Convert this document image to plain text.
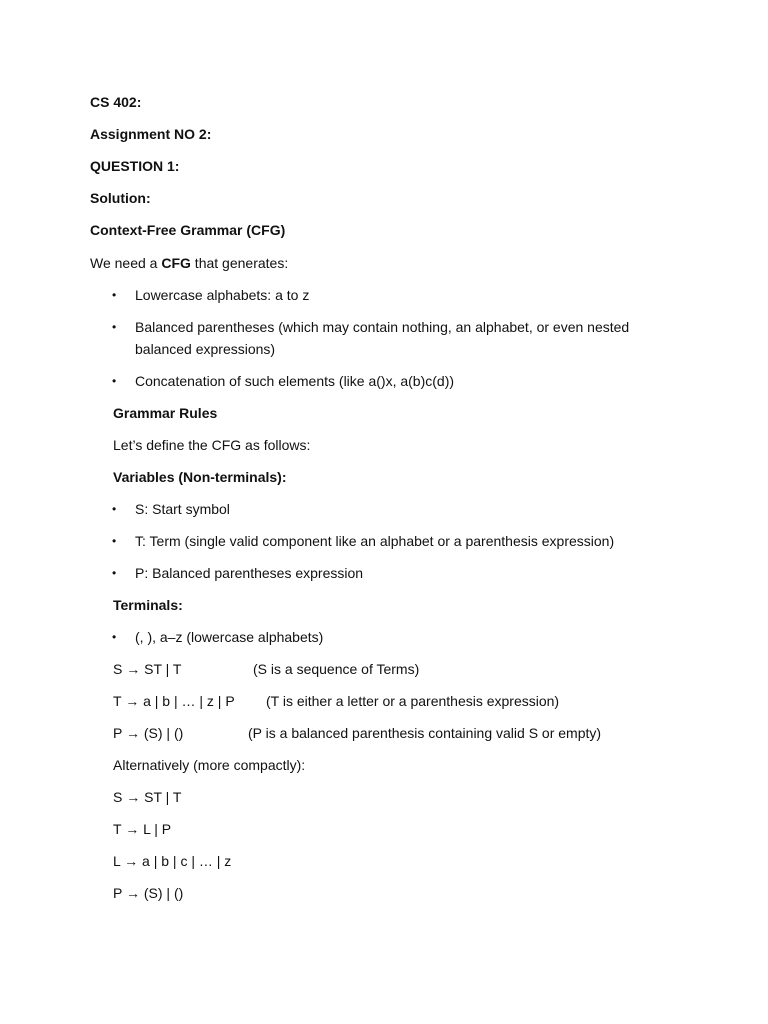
CS 402:
Assignment NO 2:
QUESTION 1:
Solution:
Context-Free Grammar (CFG)
We need a CFG that generates:
• Lowercase alphabets: a to z
• Balanced parentheses (which may contain nothing, an alphabet, or even nested balanced expressions)
• Concatenation of such elements (like a()x, a(b)c(d))
Grammar Rules
Let’s define the CFG as follows:
Variables (Non-terminals):
• S: Start symbol
• T: Term (single valid component like an alphabet or a parenthesis expression)
• P: Balanced parentheses expression
Terminals:
• (, ), a–z (lowercase alphabets)
S → ST | T	(S is a sequence of Terms)
T → a | b | … | z | P (T is either a letter or a parenthesis expression)
P → (S) | ()	(P is a balanced parenthesis containing valid S or empty)
Alternatively (more compactly):
S → ST | T
T → L | P
L → a | b | c | … | z
P → (S) | ()
